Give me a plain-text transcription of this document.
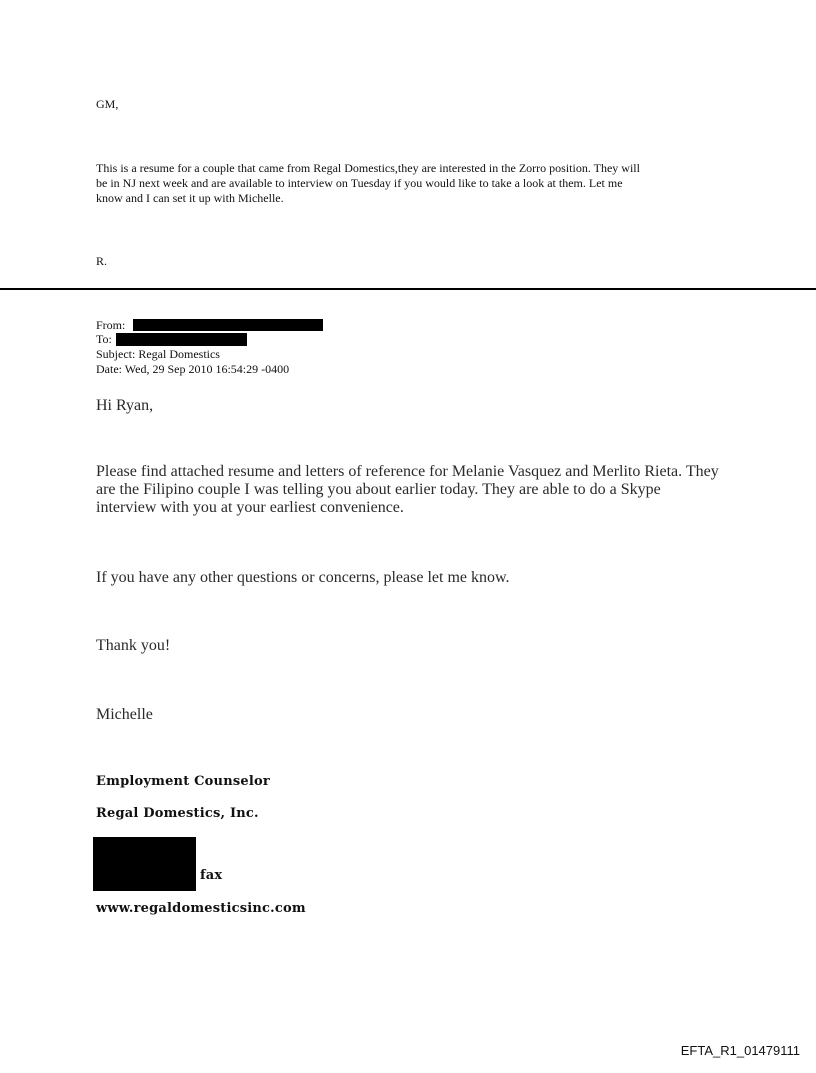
GM,
This is a resume for a couple that came from Regal Domestics,they are interested in the Zorro position. They will
be in NJ next week and are available to interview on Tuesday if you would like to take a look at them. Let me
know and I can set it up with Michelle.
R.
From:
To:
Subject: Regal Domestics
Date: Wed, 29 Sep 2010 16:54:29 -0400
Hi Ryan,
Please find attached resume and letters of reference for Melanie Vasquez and Merlito Rieta. They
are the Filipino couple I was telling you about earlier today. They are able to do a Skype
interview with you at your earliest convenience.
If you have any other questions or concerns, please let me know.
Thank you!
Michelle
Employment Counselor
Regal Domestics, Inc.
fax
www.regaldomesticsinc.com
EFTA_R1_01479111
